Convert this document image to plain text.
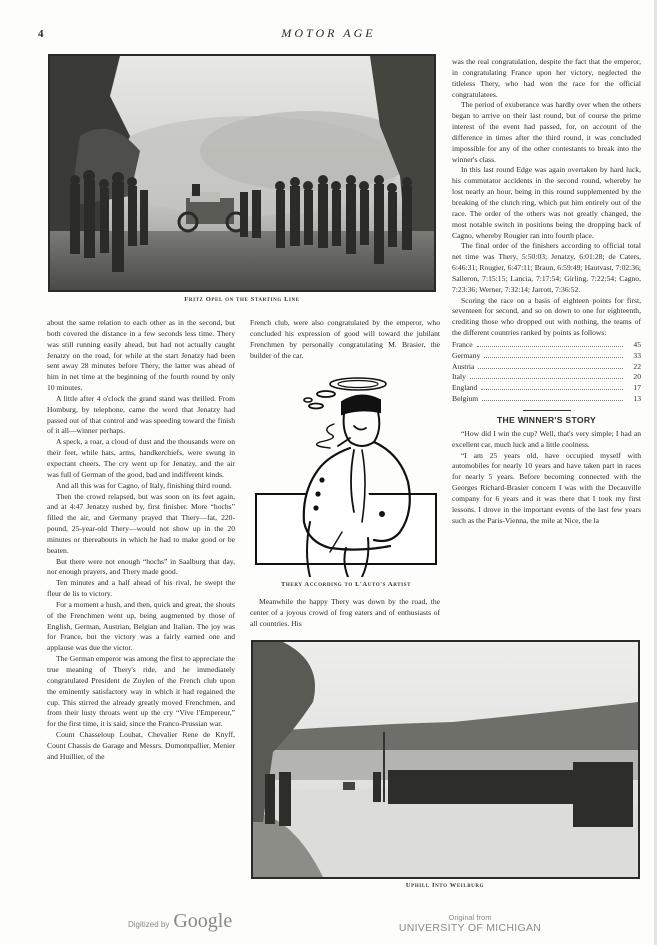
4	MOTOR AGE
Fritz Opel on the Starting Line

about the same relation to each other as in the second, but both covered the distance in a few seconds less time. Thery was still running easily ahead, but had not actually caught Jenatzy on the road, for while at the start Jenatzy had been sent away 28 minutes before Thery, the latter was ahead of him in net time at the beginning of the fourth round by only 10 minutes.

A little after 4 o'clock the grand stand was thrilled. From Homburg, by telephone, came the word that Jenatzy had passed out of that control and was speeding toward the finish of it all—winner perhaps.

A speck, a roar, a cloud of dust and the thousands were on their feet, while hats, arms, handkerchiefs, were swung in expectant cheers. The cry went up for Jenatzy, and the air was full of German of the good, bad and indifferent kinds.

And all this was for Cagno, of Italy, finishing third round.

Then the crowd relapsed, but was soon on its feet again, and at 4:47 Jenatzy rushed by, first finisher. More “hochs” filled the air, and Germany prayed that Thery—fat, 220-pound, 25-year-old Thery—would not show up in the 20 minutes or thereabouts in which he had to make good or be beaten.

But there were not enough “hochs” in Saalburg that day, nor enough prayers, and Thery made good.

Ten minutes and a half ahead of his rival, he swept the fleur de lis to victory.

For a moment a hush, and then, quick and great, the shouts of the Frenchmen went up, being augmented by those of English, German, Austrian, Belgian and Italian. The joy was for France, but the victory was a fairly earned one and applause was due the victor.

The German emperor was among the first to appreciate the true meaning of Thery's ride, and he immediately congratulated President de Zuylen of the French club upon the eminently satisfactory way in which it had regained the cup. This stirred the already greatly moved Frenchmen, and from their lusty throats went up the cry “Vive l'Empereur,” for the first time, it is said, since the Franco-Prussian war.

Count Chasseloup Loubat, Chevalier Rene de Knyff, Count Chassis de Garage and Messrs. Dumontpallier, Menier and Huillier, of the

French club, were also congratulated by the emperor, who concluded his expression of good will toward the jubilant Frenchmen by personally congratulating M. Brasier, the builder of the car.

Thery According to L'Auto's Artist

Meanwhile the happy Thery was down by the road, the center of a joyous crowd of frog eaters and of enthusiasts of all countries. His

was the real congratulation, despite the fact that the emperor, in congratulating France upon her victory, neglected the titleless Thery, who had won the race for the official congratulatees.

The period of exuberance was hardly over when the others began to arrive on their last round, but of course the prime interest of the event had passed, for, on account of the difference in times after the third round, it was concluded impossible for any of the other contestants to break into the winner's class.

In this last round Edge was again overtaken by hard luck, his commutator accidents in the second round, whereby he lost nearly an hour, being in this round supplemented by the breaking of the clutch ring, which put him entirely out of the race. The order of the others was not greatly changed, the most notable switch in positions being the dropping back of Cagno, whereby Rougier ran into fourth place.

The final order of the finishers according to official total net time was Thery, 5:50:03; Jenatzy, 6:01:28; de Caters, 6:46:31; Rougier, 6:47:11; Braun, 6:59:49; Hautvast, 7:02:36; Salleron, 7:15:15; Lancia, 7:17:54; Girling, 7:22:54; Cagno, 7:23:36; Werner, 7:32:14; Jarrott, 7:36:52.

Scoring the race on a basis of eighteen points for first, seventeen for second, and so on down to one for eighteenth, crediting those who dropped out with nothing, the teams of the different countries ranked by points as follows:

France	45
Germany	33
Austria	22
Italy	20
England	17
Belgium	13
THE WINNER'S STORY

“How did I win the cup? Well, that's very simple; I had an excellent car, much luck and a little coolness.

“I am 25 years old, have occupied myself with automobiles for nearly 10 years and have taken part in races for nearly 5 years. Before becoming connected with the Georges Richard-Brasier concern I was with the Decauville company for 6 years and it was there that I took my first lessons. I drove in the important events of the last few years such as the Paris-Vienna, the mile at Nice, the la

Uphill Into Weilburg
Digitized by Google	Original from
UNIVERSITY OF MICHIGAN
